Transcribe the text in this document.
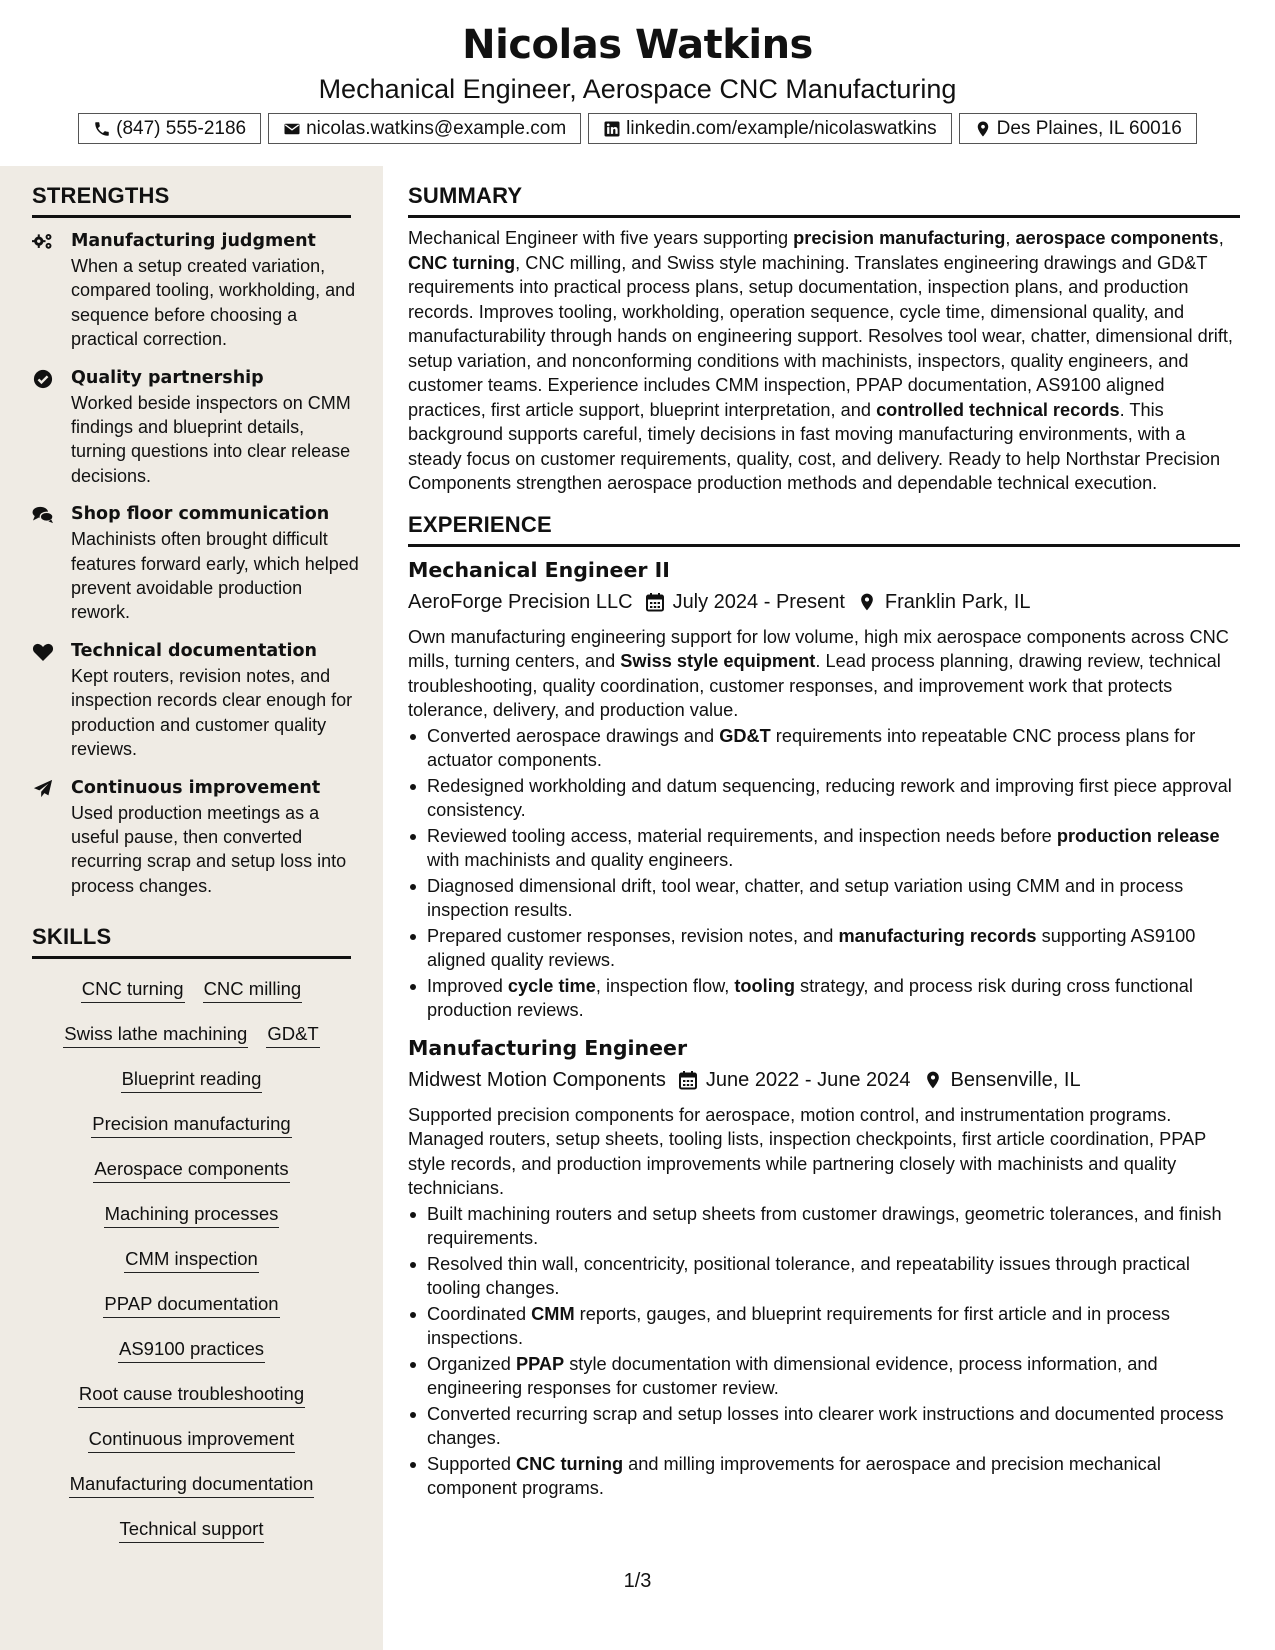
Nicolas Watkins
Mechanical Engineer, Aerospace CNC Manufacturing
(847) 555-2186	nicolas.watkins@example.com	linkedin.com/example/nicolaswatkins	Des Plaines, IL 60016
STRENGTHS
Manufacturing judgment
When a setup created variation, compared tooling, workholding, and sequence before choosing a practical correction.
Quality partnership
Worked beside inspectors on CMM findings and blueprint details, turning questions into clear release decisions.
Shop floor communication
Machinists often brought difficult features forward early, which helped prevent avoidable production rework.
Technical documentation
Kept routers, revision notes, and inspection records clear enough for production and customer quality reviews.
Continuous improvement
Used production meetings as a useful pause, then converted recurring scrap and setup loss into process changes.
SKILLS
CNC turning CNC milling
Swiss lathe machining GD&T
Blueprint reading
Precision manufacturing
Aerospace components
Machining processes
CMM inspection
PPAP documentation
AS9100 practices
Root cause troubleshooting
Continuous improvement
Manufacturing documentation
Technical support
SUMMARY
Mechanical Engineer with five years supporting precision manufacturing, aerospace components, CNC turning, CNC milling, and Swiss style machining. Translates engineering drawings and GD&T requirements into practical process plans, setup documentation, inspection plans, and production records. Improves tooling, workholding, operation sequence, cycle time, dimensional quality, and manufacturability through hands on engineering support. Resolves tool wear, chatter, dimensional drift, setup variation, and nonconforming conditions with machinists, inspectors, quality engineers, and customer teams. Experience includes CMM inspection, PPAP documentation, AS9100 aligned practices, first article support, blueprint interpretation, and controlled technical records. This background supports careful, timely decisions in fast moving manufacturing environments, with a steady focus on customer requirements, quality, cost, and delivery. Ready to help Northstar Precision Components strengthen aerospace production methods and dependable technical execution.
EXPERIENCE
Mechanical Engineer II
AeroForge Precision LLC July 2024 - Present Franklin Park, IL
Own manufacturing engineering support for low volume, high mix aerospace components across CNC mills, turning centers, and Swiss style equipment. Lead process planning, drawing review, technical troubleshooting, quality coordination, customer responses, and improvement work that protects tolerance, delivery, and production value.
Converted aerospace drawings and GD&T requirements into repeatable CNC process plans for actuator components.
Redesigned workholding and datum sequencing, reducing rework and improving first piece approval consistency.
Reviewed tooling access, material requirements, and inspection needs before production release with machinists and quality engineers.
Diagnosed dimensional drift, tool wear, chatter, and setup variation using CMM and in process inspection results.
Prepared customer responses, revision notes, and manufacturing records supporting AS9100 aligned quality reviews.
Improved cycle time, inspection flow, tooling strategy, and process risk during cross functional production reviews.
Manufacturing Engineer
Midwest Motion Components June 2022 - June 2024 Bensenville, IL
Supported precision components for aerospace, motion control, and instrumentation programs. Managed routers, setup sheets, tooling lists, inspection checkpoints, first article coordination, PPAP style records, and production improvements while partnering closely with machinists and quality technicians.
Built machining routers and setup sheets from customer drawings, geometric tolerances, and finish requirements.
Resolved thin wall, concentricity, positional tolerance, and repeatability issues through practical tooling changes.
Coordinated CMM reports, gauges, and blueprint requirements for first article and in process inspections.
Organized PPAP style documentation with dimensional evidence, process information, and engineering responses for customer review.
Converted recurring scrap and setup losses into clearer work instructions and documented process changes.
Supported CNC turning and milling improvements for aerospace and precision mechanical component programs.
1/3
